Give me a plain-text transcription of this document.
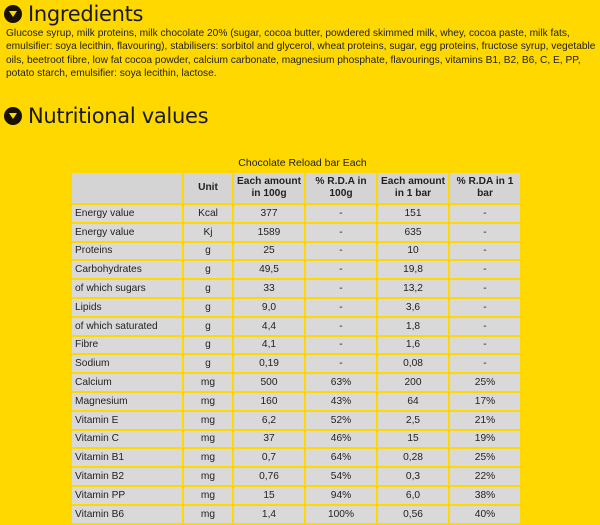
Ingredients

Glucose syrup, milk proteins, milk chocolate 20% (sugar, cocoa butter, powdered skimmed milk, whey, cocoa paste, milk fats, emulsifier: soya lecithin, flavouring), stabilisers: sorbitol and glycerol, wheat proteins, sugar, egg proteins, fructose syrup, vegetable oils, beetroot fibre, low fat cocoa powder, calcium carbonate, magnesium phosphate, flavourings, vitamins B1, B2, B6, C, E, PP, potato starch, emulsifier: soya lecithin, lactose.

Nutritional values
Chocolate Reload bar Each
	Unit	Each amount in 100g	% R.D.A in 100g	Each amount in 1 bar	% R.DA in 1 bar
Energy value	Kcal	377	-	151	-
Energy value	Kj	1589	-	635	-
Proteins	g	25	-	10	-
Carbohydrates	g	49,5	-	19,8	-
of which sugars	g	33	-	13,2	-
Lipids	g	9,0	-	3,6	-
of which saturated	g	4,4	-	1,8	-
Fibre	g	4,1	-	1,6	-
Sodium	g	0,19	-	0,08	-
Calcium	mg	500	63%	200	25%
Magnesium	mg	160	43%	64	17%
Vitamin E	mg	6,2	52%	2,5	21%
Vitamin C	mg	37	46%	15	19%
Vitamin B1	mg	0,7	64%	0,28	25%
Vitamin B2	mg	0,76	54%	0,3	22%
Vitamin PP	mg	15	94%	6,0	38%
Vitamin B6	mg	1,4	100%	0,56	40%
